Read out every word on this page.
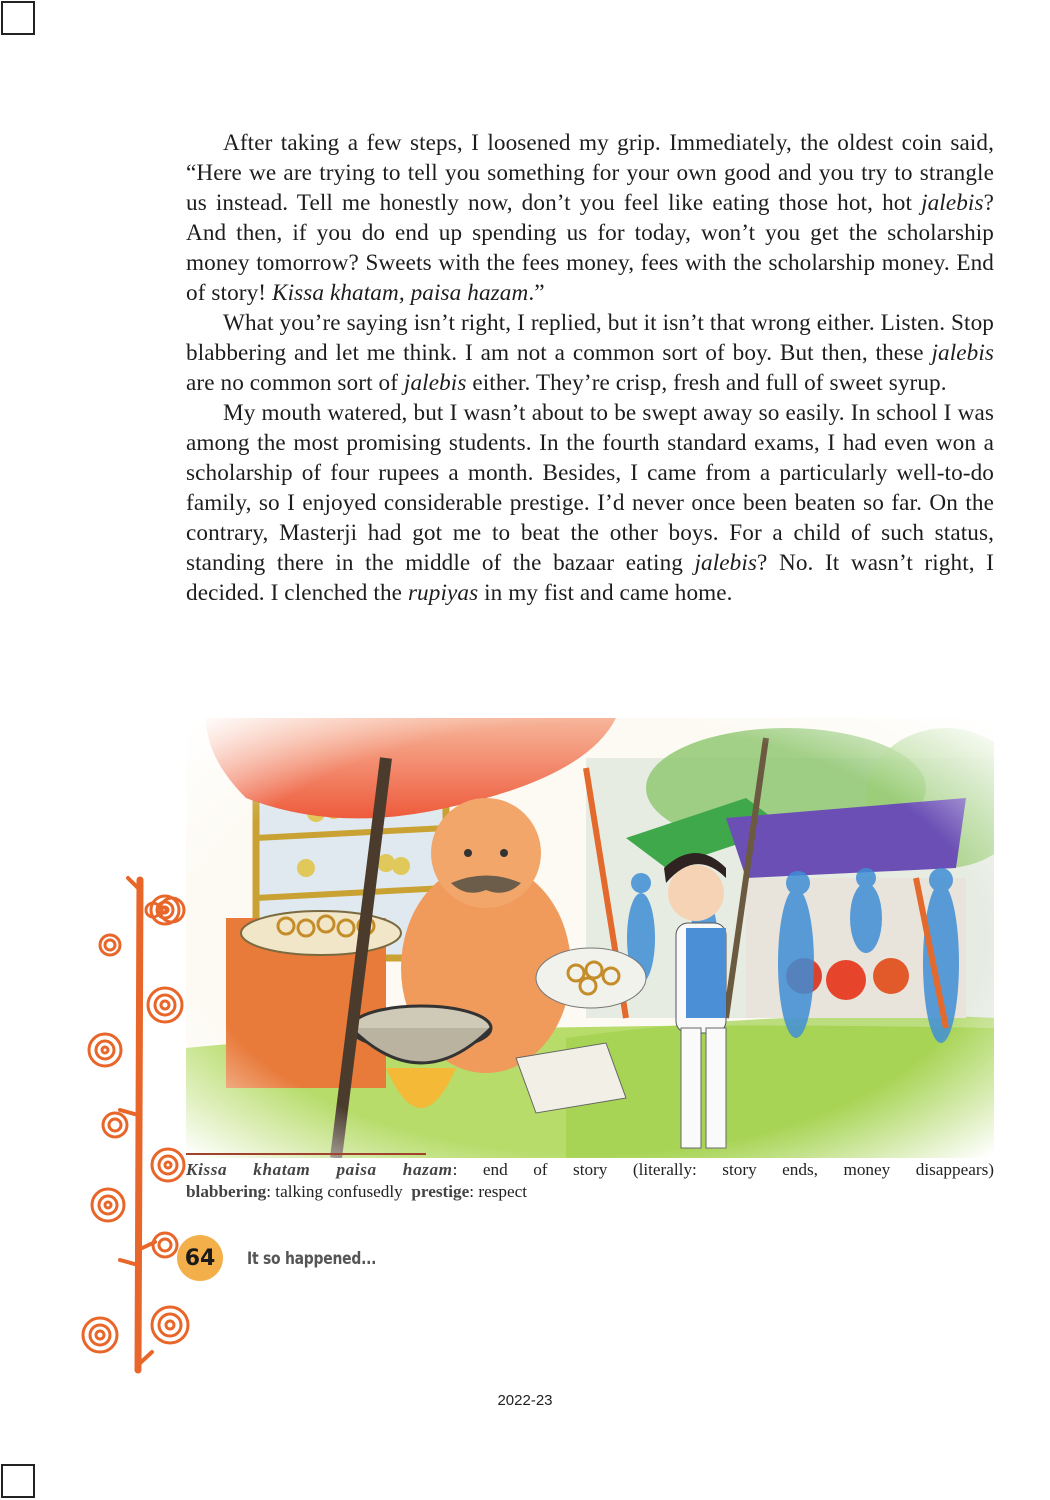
After taking a few steps, I loosened my grip. Immediately, the oldest coin said, “Here we are trying to tell you something for your own good and you try to strangle us instead. Tell me honestly now, don’t you feel like eating those hot, hot jalebis? And then, if you do end up spending us for today, won’t you get the scholarship money tomorrow? Sweets with the fees money, fees with the scholarship money. End of story! Kissa khatam, paisa hazam.”

What you’re saying isn’t right, I replied, but it isn’t that wrong either. Listen. Stop blabbering and let me think. I am not a common sort of boy. But then, these jalebis are no common sort of jalebis either. They’re crisp, fresh and full of sweet syrup.

My mouth watered, but I wasn’t about to be swept away so easily. In school I was among the most promising students. In the fourth standard exams, I had even won a scholarship of four rupees a month. Besides, I came from a particularly well-to-do family, so I enjoyed considerable prestige. I’d never once been beaten so far. On the contrary, Masterji had got me to beat the other boys. For a child of such status, standing there in the middle of the bazaar eating jalebis? No. It wasn’t right, I decided. I clenched the rupiyas in my fist and came home.

Kissa khatam paisa hazam: end of story (literally: story ends, money disappears)
blabbering: talking confusedly prestige: respect
64 It so happened...
2022-23
